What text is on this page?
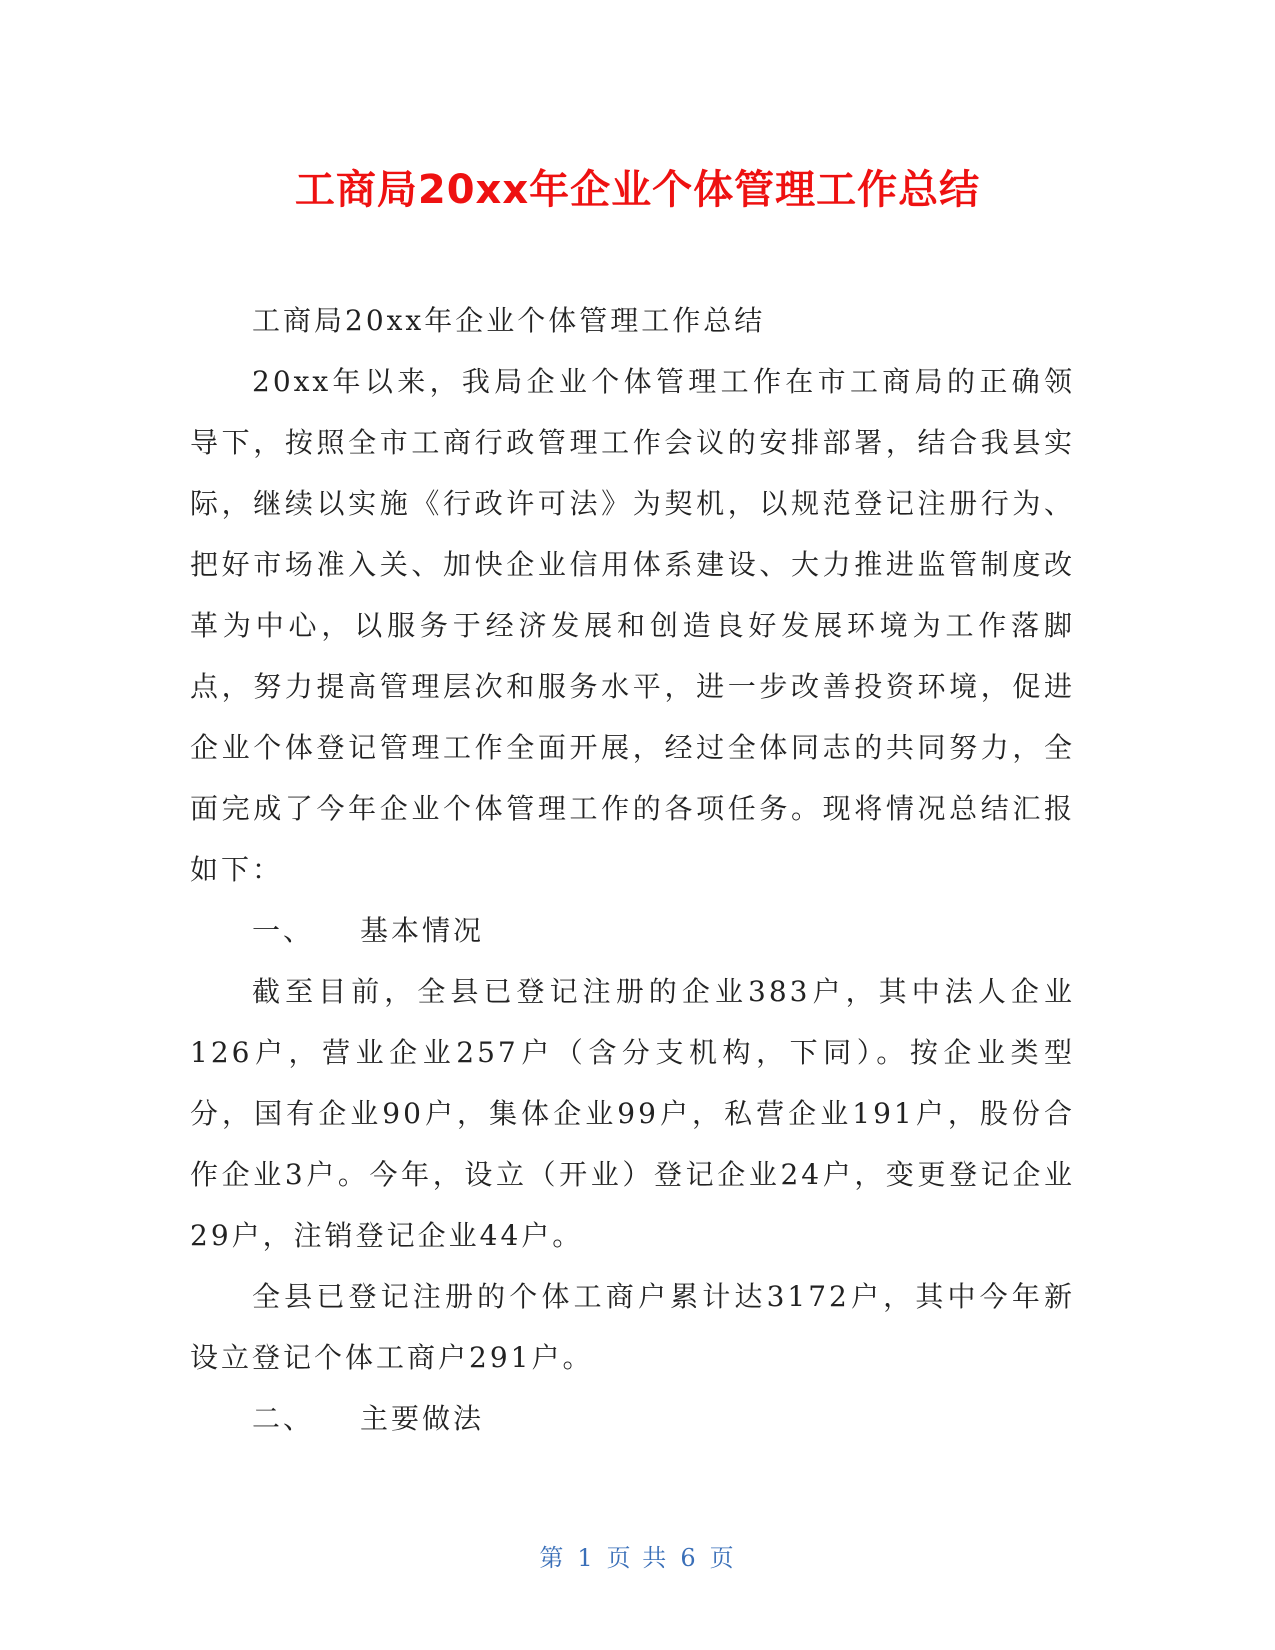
工商局20xx年企业个体管理工作总结

工商局20xx年企业个体管理工作总结

20xx年以来，我局企业个体管理工作在市工商局的正确领导下，按照全市工商行政管理工作会议的安排部署，结合我县实际，继续以实施《行政许可法》为契机，以规范登记注册行为、把好市场准入关、加快企业信用体系建设、大力推进监管制度改革为中心，以服务于经济发展和创造良好发展环境为工作落脚点，努力提高管理层次和服务水平，进一步改善投资环境，促进企业个体登记管理工作全面开展，经过全体同志的共同努力，全面完成了今年企业个体管理工作的各项任务。现将情况总结汇报如下：

一、 基本情况

截至目前，全县已登记注册的企业383户，其中法人企业126户，营业企业257户（含分支机构，下同）。按企业类型分，国有企业90户，集体企业99户，私营企业191户，股份合作企业3户。今年，设立（开业）登记企业24户，变更登记企业29户，注销登记企业44户。

全县已登记注册的个体工商户累计达3172户，其中今年新设立登记个体工商户291户。

二、 主要做法

第 1 页 共 6 页
